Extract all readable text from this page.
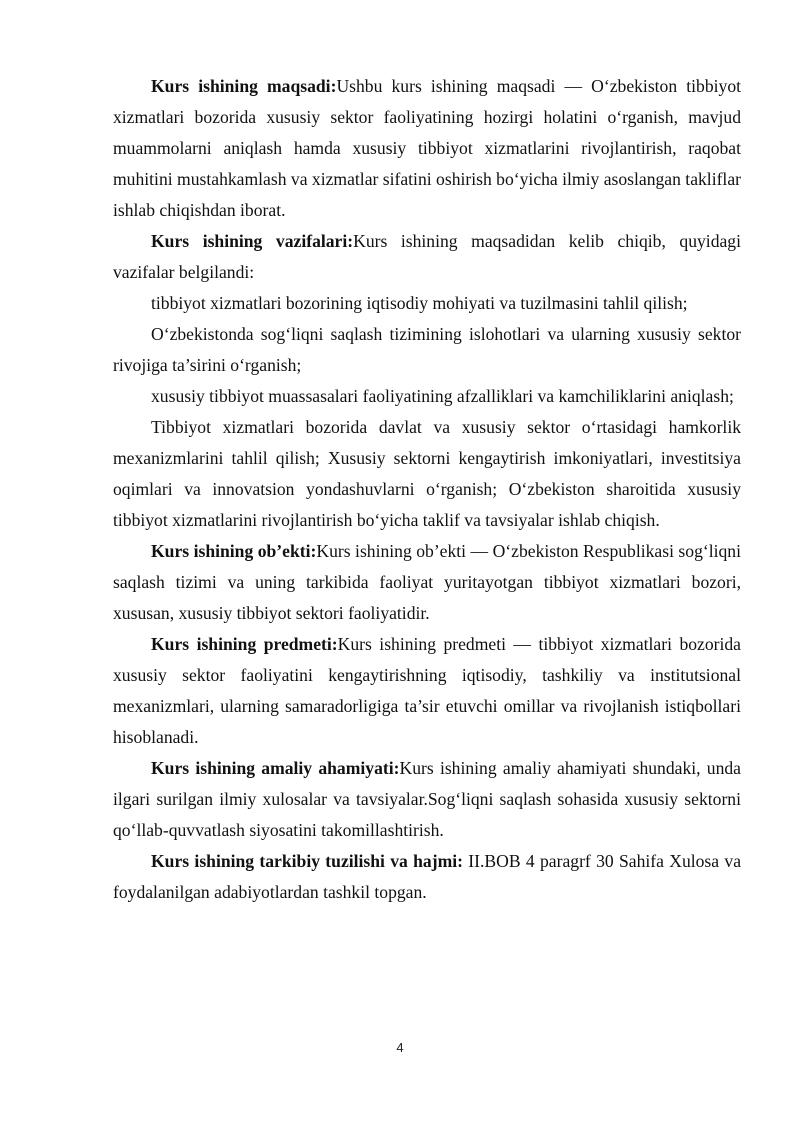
Kurs ishining maqsadi:Ushbu kurs ishining maqsadi — O‘zbekiston tibbiyot xizmatlari bozorida xususiy sektor faoliyatining hozirgi holatini o‘rganish, mavjud muammolarni aniqlash hamda xususiy tibbiyot xizmatlarini rivojlantirish, raqobat muhitini mustahkamlash va xizmatlar sifatini oshirish bo‘yicha ilmiy asoslangan takliflar ishlab chiqishdan iborat.

Kurs ishining vazifalari:Kurs ishining maqsadidan kelib chiqib, quyidagi vazifalar belgilandi:

tibbiyot xizmatlari bozorining iqtisodiy mohiyati va tuzilmasini tahlil qilish;

O‘zbekistonda sog‘liqni saqlash tizimining islohotlari va ularning xususiy sektor rivojiga ta’sirini o‘rganish;

xususiy tibbiyot muassasalari faoliyatining afzalliklari va kamchiliklarini aniqlash;

Tibbiyot xizmatlari bozorida davlat va xususiy sektor o‘rtasidagi hamkorlik mexanizmlarini tahlil qilish; Xususiy sektorni kengaytirish imkoniyatlari, investitsiya oqimlari va innovatsion yondashuvlarni o‘rganish; O‘zbekiston sharoitida xususiy tibbiyot xizmatlarini rivojlantirish bo‘yicha taklif va tavsiyalar ishlab chiqish.

Kurs ishining ob’ekti:Kurs ishining ob’ekti — O‘zbekiston Respublikasi sog‘liqni saqlash tizimi va uning tarkibida faoliyat yuritayotgan tibbiyot xizmatlari bozori, xususan, xususiy tibbiyot sektori faoliyatidir.

Kurs ishining predmeti:Kurs ishining predmeti — tibbiyot xizmatlari bozorida xususiy sektor faoliyatini kengaytirishning iqtisodiy, tashkiliy va institutsional mexanizmlari, ularning samaradorligiga ta’sir etuvchi omillar va rivojlanish istiqbollari hisoblanadi.

Kurs ishining amaliy ahamiyati:Kurs ishining amaliy ahamiyati shundaki, unda ilgari surilgan ilmiy xulosalar va tavsiyalar.Sog‘liqni saqlash sohasida xususiy sektorni qo‘llab-quvvatlash siyosatini takomillashtirish.

Kurs ishining tarkibiy tuzilishi va hajmi: II.BOB 4 paragrf 30 Sahifa Xulosa va foydalanilgan adabiyotlardan tashkil topgan.

4
